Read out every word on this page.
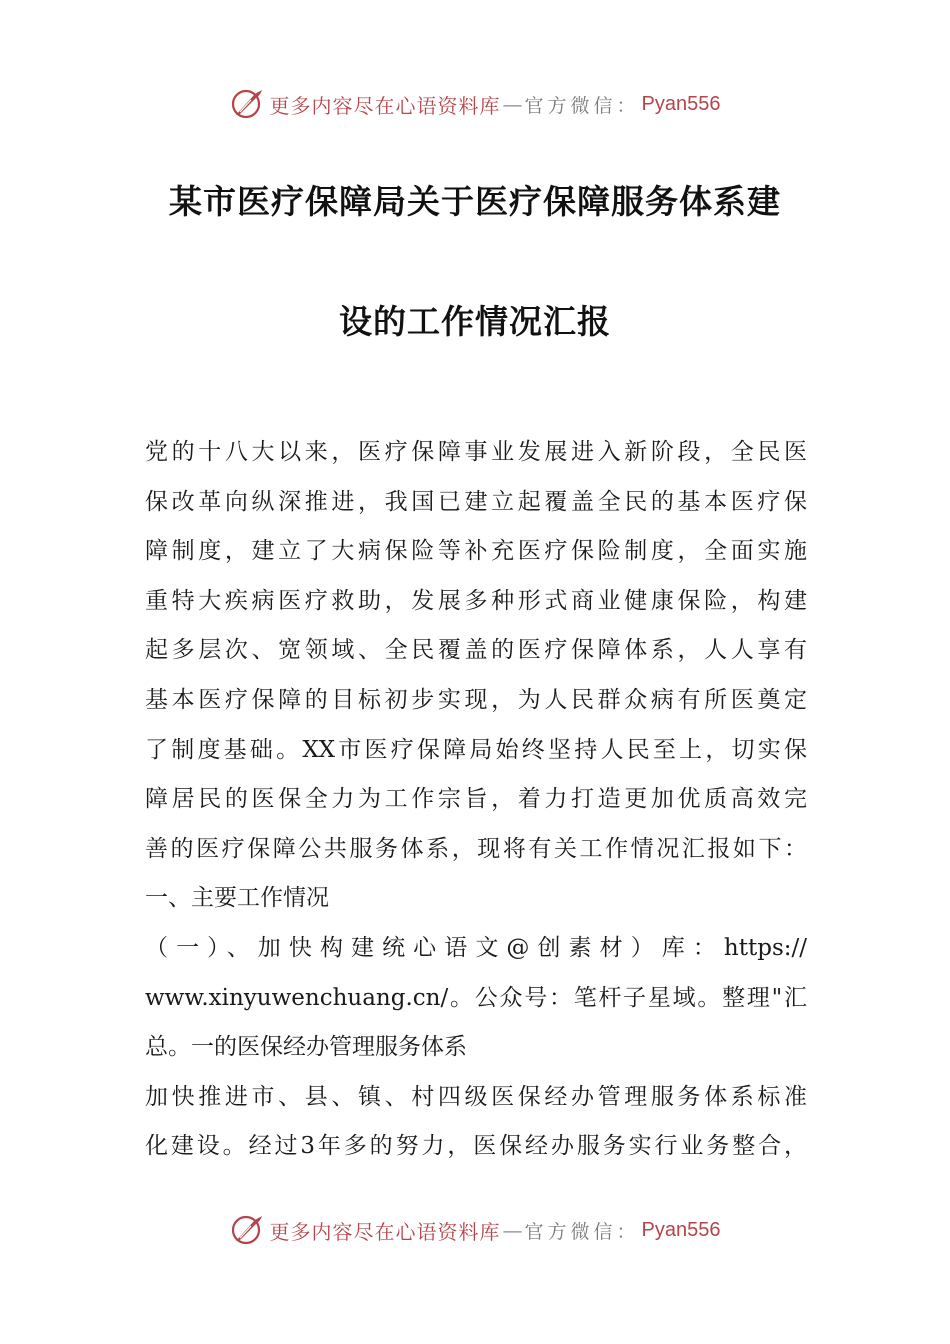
更多内容尽在心语资料库 — 官方微信： Pyan556
某市医疗保障局关于医疗保障服务体系建
设的工作情况汇报
党的十八大以来，医疗保障事业发展进入新阶段，全民医
保改革向纵深推进，我国已建立起覆盖全民的基本医疗保
障制度，建立了大病保险等补充医疗保险制度，全面实施
重特大疾病医疗救助，发展多种形式商业健康保险，构建
起多层次、宽领域、全民覆盖的医疗保障体系，人人享有
基本医疗保障的目标初步实现，为人民群众病有所医奠定
了制度基础。XX市医疗保障局始终坚持人民至上，切实保
障居民的医保全力为工作宗旨，着力打造更加优质高效完
善的医疗保障公共服务体系，现将有关工作情况汇报如下：
一、主要工作情况
（一）、加快构建统心语文@创素材）库：https://
www.xinyuwenchuang.cn/。公众号：笔杆子星域。整理"汇
总。一的医保经办管理服务体系
加快推进市、县、镇、村四级医保经办管理服务体系标准
化建设。经过3年多的努力，医保经办服务实行业务整合，
更多内容尽在心语资料库 — 官方微信： Pyan556
